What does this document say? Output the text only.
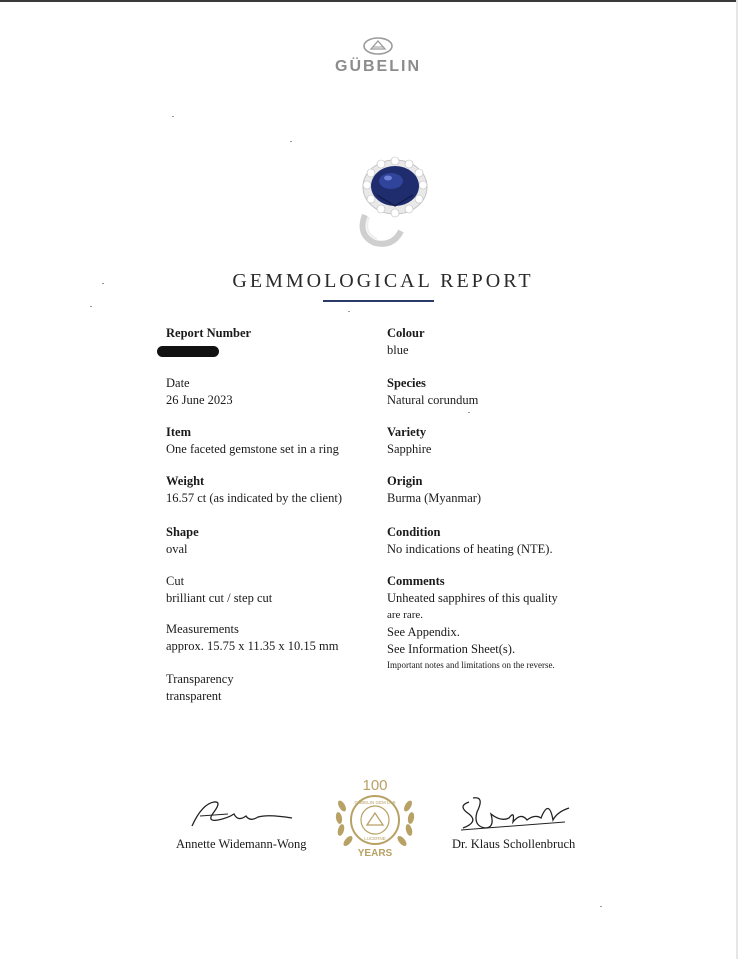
GÜBELIN
GEMMOLOGICAL REPORT
Report Number
Date
26 June 2023
Item
One faceted gemstone set in a ring
Weight
16.57 ct (as indicated by the client)
Shape
oval
Cut
brilliant cut / step cut
Measurements
approx. 15.75 x 11.35 x 10.15 mm
Transparency
transparent
Colour
blue
Species
Natural corundum
Variety
Sapphire
Origin
Burma (Myanmar)
Condition
No indications of heating (NTE).
Comments
Unheated sapphires of this quality
are rare.
See Appendix.
See Information Sheet(s).
Important notes and limitations on the reverse.
Annette Widemann-Wong	Dr. Klaus Schollenbruch
100
GÜBELIN GEM LAB
LUCERNE
YEARS
